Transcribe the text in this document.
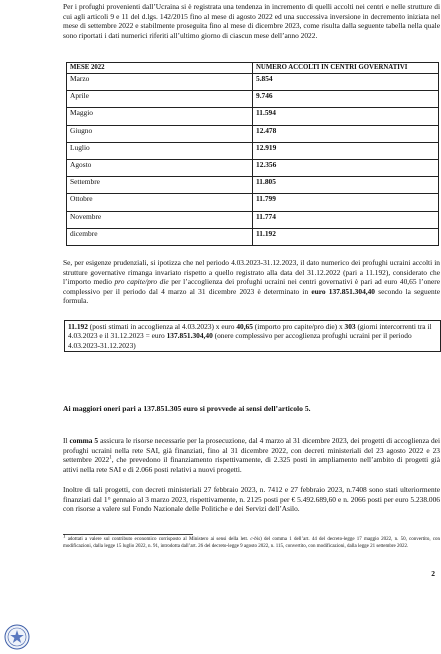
Per i profughi provenienti dall’Ucraina si è registrata una tendenza in incremento di quelli accolti nei centri e nelle strutture di cui agli articoli 9 e 11 del d.lgs. 142/2015 fino al mese di agosto 2022 ed una successiva inversione in decremento iniziata nel mese di settembre 2022 e stabilmente proseguita fino al mese di dicembre 2023, come risulta dalla seguente tabella nella quale sono riportati i dati numerici riferiti all’ultimo giorno di ciascun mese dell’anno 2022.

MESE 2022	NUMERO ACCOLTI IN CENTRI GOVERNATIVI
Marzo	5.854
Aprile	9.746
Maggio	11.594
Giugno	12.478
Luglio	12.919
Agosto	12.356
Settembre	11.805
Ottobre	11.799
Novembre	11.774
dicembre	11.192

Se, per esigenze prudenziali, si ipotizza che nel periodo 4.03.2023-31.12.2023, il dato numerico dei profughi ucraini accolti in strutture governative rimanga invariato rispetto a quello registrato alla data del 31.12.2022 (pari a 11.192), considerato che l’importo medio pro capite/pro die per l’accoglienza dei profughi ucraini nei centri governativi è pari ad euro 40,65 l’onere complessivo per il periodo dal 4 marzo al 31 dicembre 2023 è determinato in euro 137.851.304,40 secondo la seguente formula.

11.192 (posti stimati in accoglienza al 4.03.2023) x euro 40,65 (importo pro capite/pro die) x 303 (giorni intercorrenti tra il 4.03.2023 e il 31.12.2023 = euro 137.851.304,40 (onere complessivo per accoglienza profughi ucraini per il periodo 4.03.2023-31.12.2023)
Ai maggiori oneri pari a 137.851.305 euro si provvede ai sensi dell’articolo 5.

Il comma 5 assicura le risorse necessarie per la prosecuzione, dal 4 marzo al 31 dicembre 2023, dei progetti di accoglienza dei profughi ucraini nella rete SAI, già finanziati, fino al 31 dicembre 2022, con decreti ministeriali del 23 agosto 2022 e 23 settembre 2022$^1$, che prevedono il finanziamento rispettivamente, di 2.325 posti in ampliamento nell’ambito di progetti già attivi nella rete SAI e di 2.066 posti relativi a nuovi progetti.

Inoltre di tali progetti, con decreti ministeriali 27 febbraio 2023, n. 7412 e 27 febbraio 2023, n.7408 sono stati ulteriormente finanziati dal 1° gennaio al 3 marzo 2023, rispettivamente, n. 2125 posti per € 5.492.689,60 e n. 2066 posti per euro 5.238.006 con risorse a valere sul Fondo Nazionale delle Politiche e dei Servizi dell’Asilo.

$^1$ adottati a valere sul contributo economico corrisposto al Ministero ai sensi della lett. c-bis) del comma 1 dell’art. 44 del decreto-legge 17 maggio 2022, n. 50, convertito, con modificazioni, dalla legge 15 luglio 2022, n. 91, introdotta dall’art. 26 del decreto-legge 9 agosto 2022, n. 115, convertito, con modificazioni, dalla legge 21 settembre 2022.

2
